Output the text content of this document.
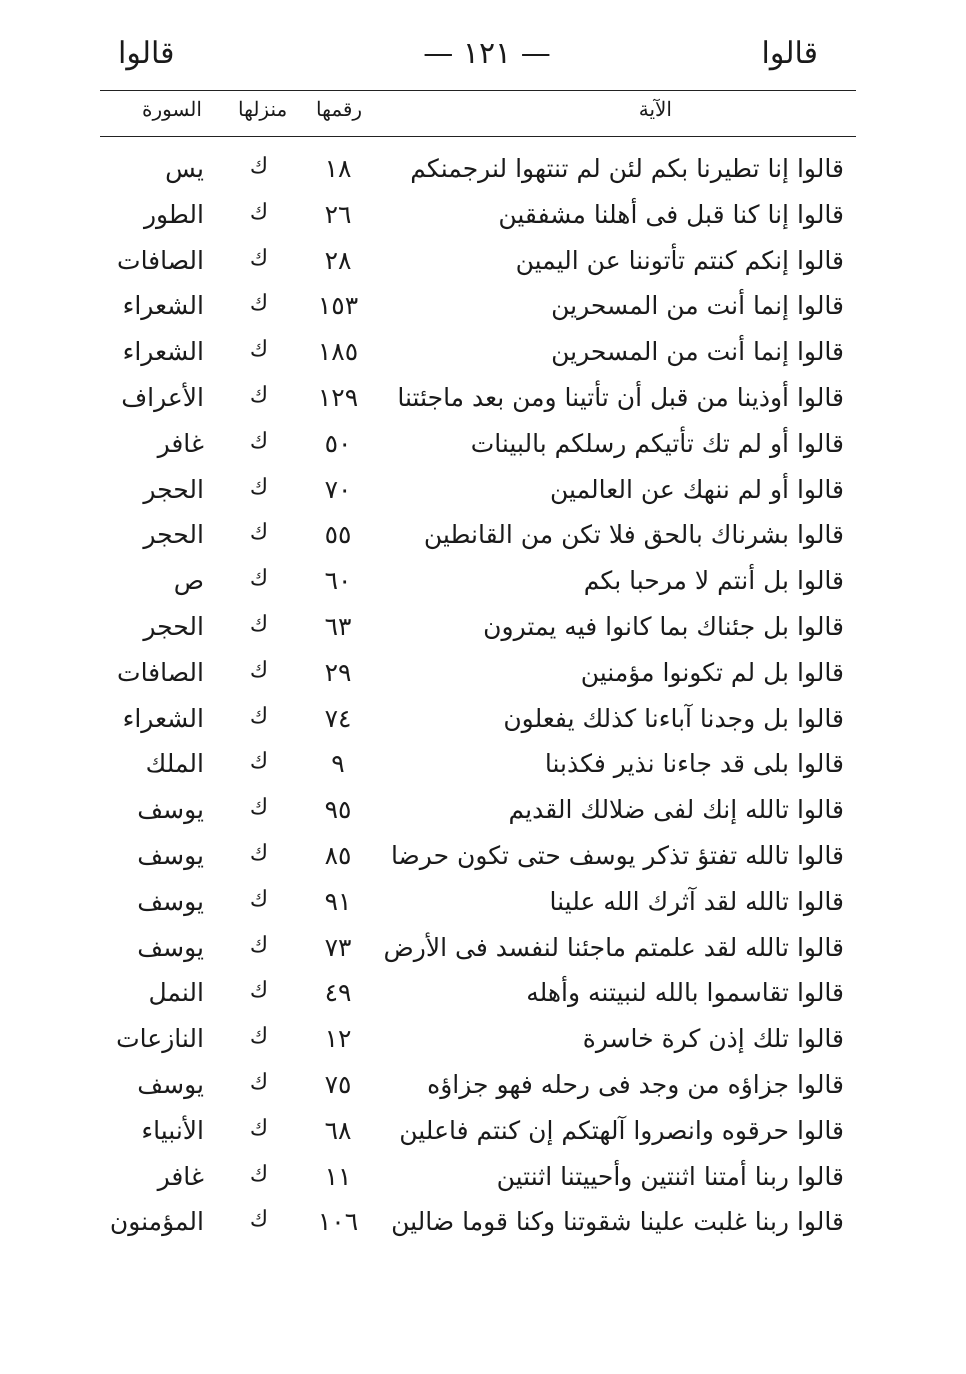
قالوا
— ١٢١ —
قالوا
الآية
رقمها
منزلها
السورة
قالوا إنا تطيرنا بكم لئن لم تنتهوا لنرجمنكم
١٨
ك
يس
قالوا إنا كنا قبل فى أهلنا مشفقين
٢٦
ك
الطور
قالوا إنكم كنتم تأتوننا عن اليمين
٢٨
ك
الصافات
قالوا إنما أنت من المسحرين
١٥٣
ك
الشعراء
قالوا إنما أنت من المسحرين
١٨٥
ك
الشعراء
قالوا أوذينا من قبل أن تأتينا ومن بعد ماجئتنا
١٢٩
ك
الأعراف
قالوا أو لم تك تأتيكم رسلكم بالبينات
٥٠
ك
غافر
قالوا أو لم ننهك عن العالمين
٧٠
ك
الحجر
قالوا بشرناك بالحق فلا تكن من القانطين
٥٥
ك
الحجر
قالوا بل أنتم لا مرحبا بكم
٦٠
ك
ص
قالوا بل جئناك بما كانوا فيه يمترون
٦٣
ك
الحجر
قالوا بل لم تكونوا مؤمنين
٢٩
ك
الصافات
قالوا بل وجدنا آباءنا كذلك يفعلون
٧٤
ك
الشعراء
قالوا بلى قد جاءنا نذير فكذبنا
٩
ك
الملك
قالوا تالله إنك لفى ضلالك القديم
٩٥
ك
يوسف
قالوا تالله تفتؤ تذكر يوسف حتى تكون حرضا
٨٥
ك
يوسف
قالوا تالله لقد آثرك الله علينا
٩١
ك
يوسف
قالوا تالله لقد علمتم ماجئنا لنفسد فى الأرض
٧٣
ك
يوسف
قالوا تقاسموا بالله لنبيتنه وأهله
٤٩
ك
النمل
قالوا تلك إذن كرة خاسرة
١٢
ك
النازعات
قالوا جزاؤه من وجد فى رحله فهو جزاؤه
٧٥
ك
يوسف
قالوا حرقوه وانصروا آلهتكم إن كنتم فاعلين
٦٨
ك
الأنبياء
قالوا ربنا أمتنا اثنتين وأحييتنا اثنتين
١١
ك
غافر
قالوا ربنا غلبت علينا شقوتنا وكنا قوما ضالين
١٠٦
ك
المؤمنون
